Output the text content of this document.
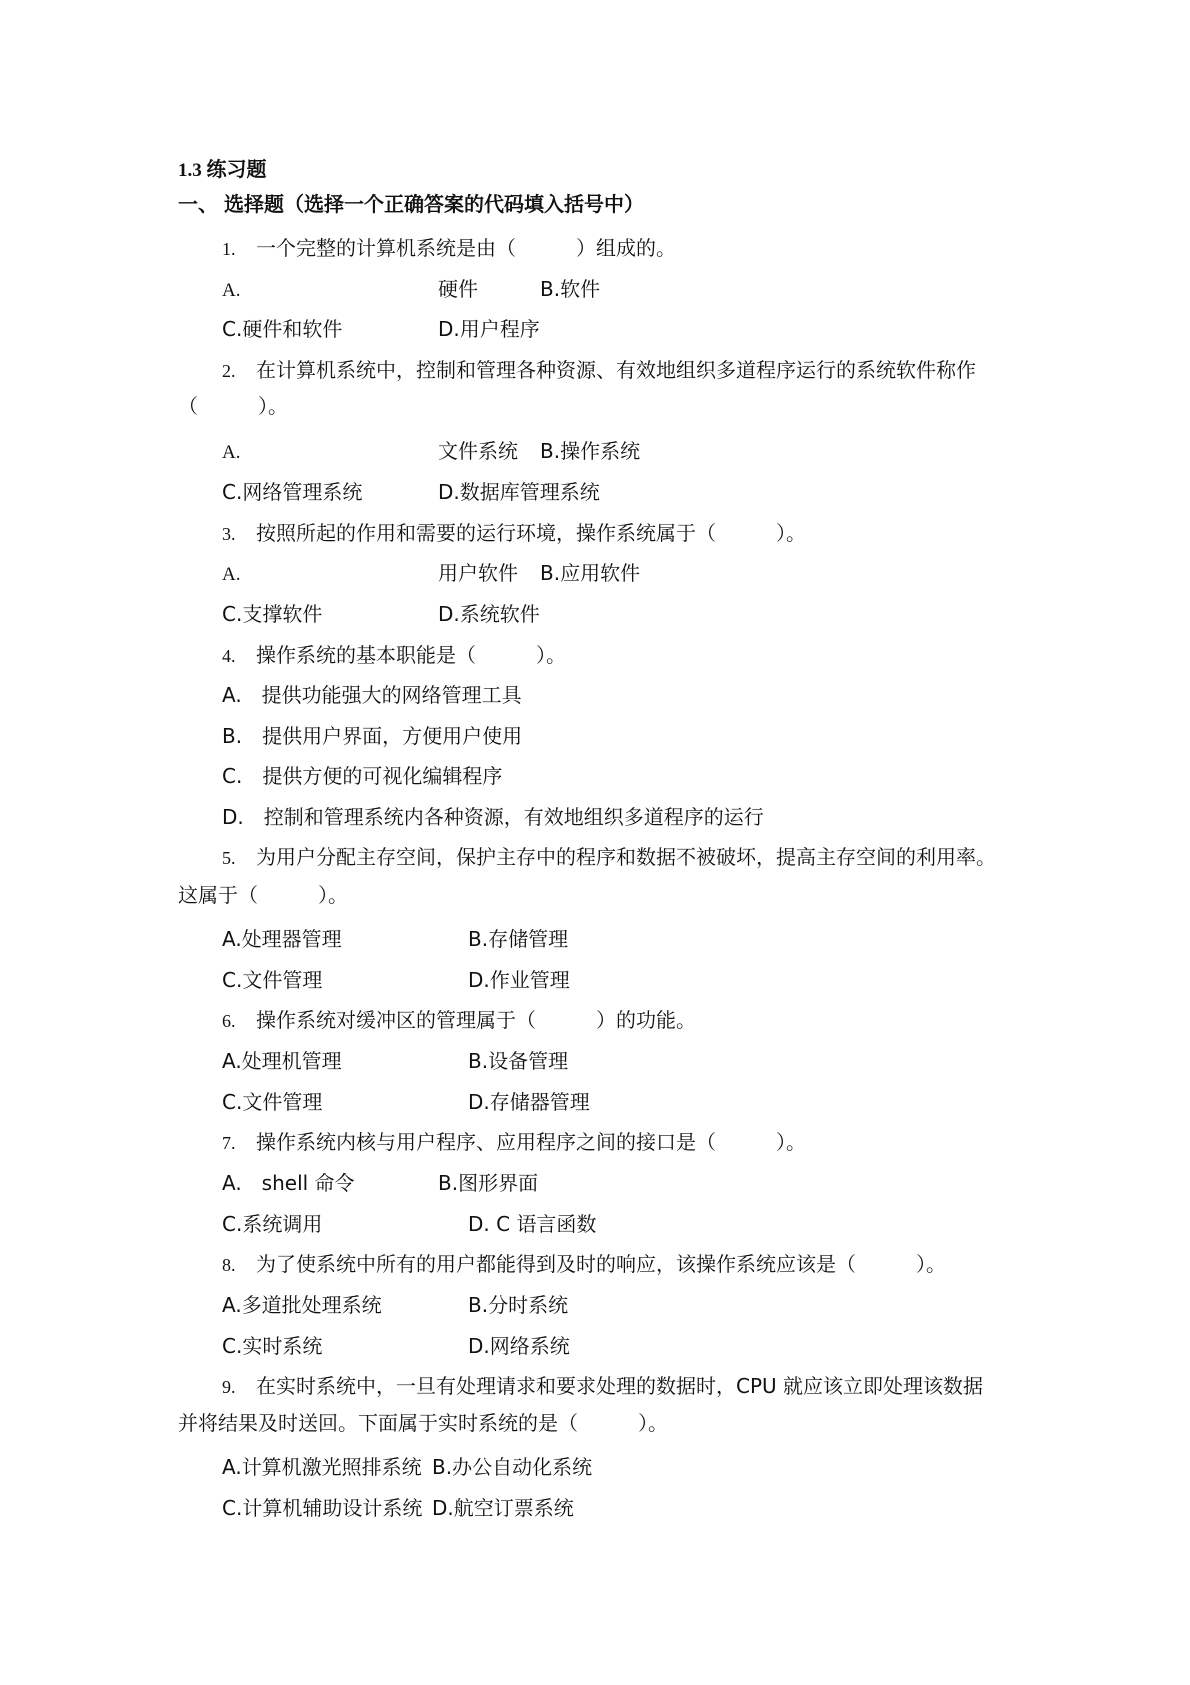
1.3 练习题
一、 选择题（选择一个正确答案的代码填入括号中）
1. 一个完整的计算机系统是由（　　　）组成的。
A.	硬件	B.软件
C.硬件和软件	D.用户程序
2. 在计算机系统中，控制和管理各种资源、有效地组织多道程序运行的系统软件称作
（　　　）。
A.	文件系统 B.操作系统
C.网络管理系统	D.数据库管理系统
3. 按照所起的作用和需要的运行环境，操作系统属于（　　　）。
A.	用户软件 B.应用软件
C.支撑软件	D.系统软件
4. 操作系统的基本职能是（　　　）。
A.　提供功能强大的网络管理工具
B.　提供用户界面，方便用户使用
C.　提供方便的可视化编辑程序
D.　控制和管理系统内各种资源，有效地组织多道程序的运行
5. 为用户分配主存空间，保护主存中的程序和数据不被破坏，提高主存空间的利用率。
这属于（　　　）。
A.处理器管理	B.存储管理
C.文件管理	D.作业管理
6. 操作系统对缓冲区的管理属于（　　　）的功能。
A.处理机管理	B.设备管理
C.文件管理	D.存储器管理
7. 操作系统内核与用户程序、应用程序之间的接口是（　　　）。
A.　shell 命令	B.图形界面
C.系统调用	D. C 语言函数
8. 为了使系统中所有的用户都能得到及时的响应，该操作系统应该是（　　　）。
A.多道批处理系统	B.分时系统
C.实时系统	D.网络系统
9. 在实时系统中，一旦有处理请求和要求处理的数据时，CPU 就应该立即处理该数据
并将结果及时送回。下面属于实时系统的是（　　　）。
A.计算机激光照排系统 B.办公自动化系统
C.计算机辅助设计系统 D.航空订票系统
